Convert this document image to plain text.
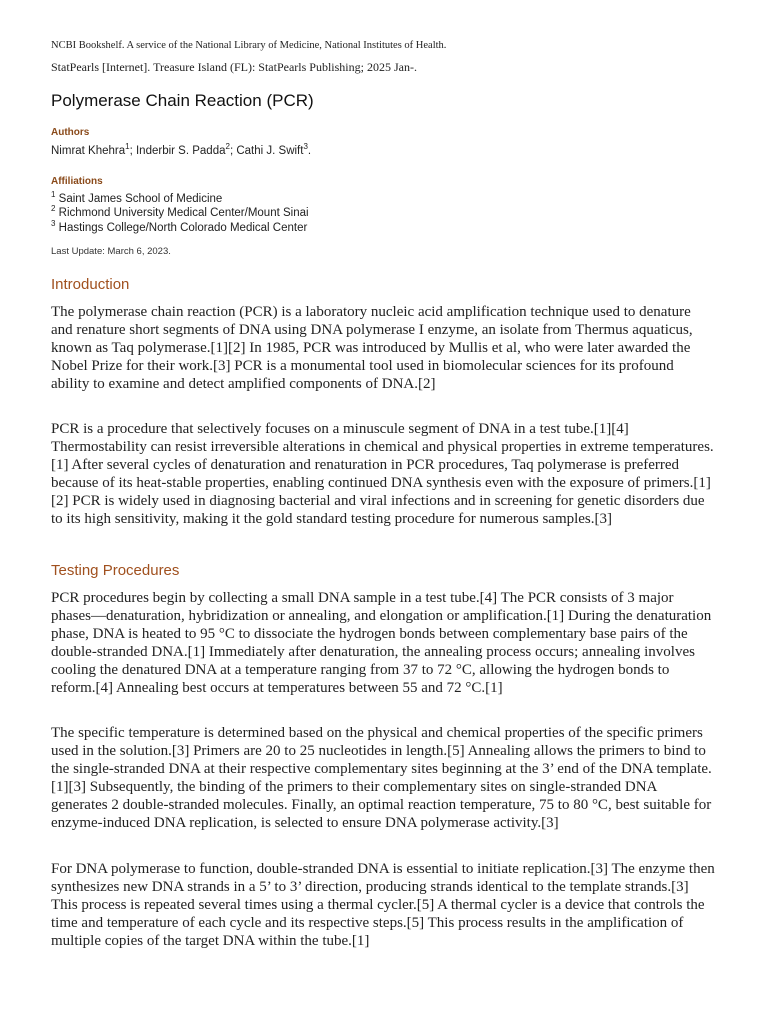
NCBI Bookshelf. A service of the National Library of Medicine, National Institutes of Health.

StatPearls [Internet]. Treasure Island (FL): StatPearls Publishing; 2025 Jan-.

Polymerase Chain Reaction (PCR)

Authors

Nimrat Khehra$^1$; Inderbir S. Padda$^2$; Cathi J. Swift$^3$.

Affiliations

$^1$ Saint James School of Medicine

$^2$ Richmond University Medical Center/Mount Sinai

$^3$ Hastings College/North Colorado Medical Center

Last Update: March 6, 2023.

Introduction

The polymerase chain reaction (PCR) is a laboratory nucleic acid amplification technique used to denature and renature short segments of DNA using DNA polymerase I enzyme, an isolate from Thermus aquaticus, known as Taq polymerase.[1][2] In 1985, PCR was introduced by Mullis et al, who were later awarded the Nobel Prize for their work.[3] PCR is a monumental tool used in biomolecular sciences for its profound ability to examine and detect amplified components of DNA.[2]

PCR is a procedure that selectively focuses on a minuscule segment of DNA in a test tube.[1][4] Thermostability can resist irreversible alterations in chemical and physical properties in extreme temperatures.[1] After several cycles of denaturation and renaturation in PCR procedures, Taq polymerase is preferred because of its heat-stable properties, enabling continued DNA synthesis even with the exposure of primers.[1][2] PCR is widely used in diagnosing bacterial and viral infections and in screening for genetic disorders due to its high sensitivity, making it the gold standard testing procedure for numerous samples.[3]

Testing Procedures

PCR procedures begin by collecting a small DNA sample in a test tube.[4] The PCR consists of 3 major phases—denaturation, hybridization or annealing, and elongation or amplification.[1] During the denaturation phase, DNA is heated to 95 °C to dissociate the hydrogen bonds between complementary base pairs of the double-stranded DNA.[1] Immediately after denaturation, the annealing process occurs; annealing involves cooling the denatured DNA at a temperature ranging from 37 to 72 °C, allowing the hydrogen bonds to reform.[4] Annealing best occurs at temperatures between 55 and 72 °C.[1]

The specific temperature is determined based on the physical and chemical properties of the specific primers used in the solution.[3] Primers are 20 to 25 nucleotides in length.[5] Annealing allows the primers to bind to the single-stranded DNA at their respective complementary sites beginning at the 3’ end of the DNA template.[1][3] Subsequently, the binding of the primers to their complementary sites on single-stranded DNA generates 2 double-stranded molecules. Finally, an optimal reaction temperature, 75 to 80 °C, best suitable for enzyme-induced DNA replication, is selected to ensure DNA polymerase activity.[3]

For DNA polymerase to function, double-stranded DNA is essential to initiate replication.[3] The enzyme then synthesizes new DNA strands in a 5’ to 3’ direction, producing strands identical to the template strands.[3] This process is repeated several times using a thermal cycler.[5] A thermal cycler is a device that controls the time and temperature of each cycle and its respective steps.[5] This process results in the amplification of multiple copies of the target DNA within the tube.[1]
